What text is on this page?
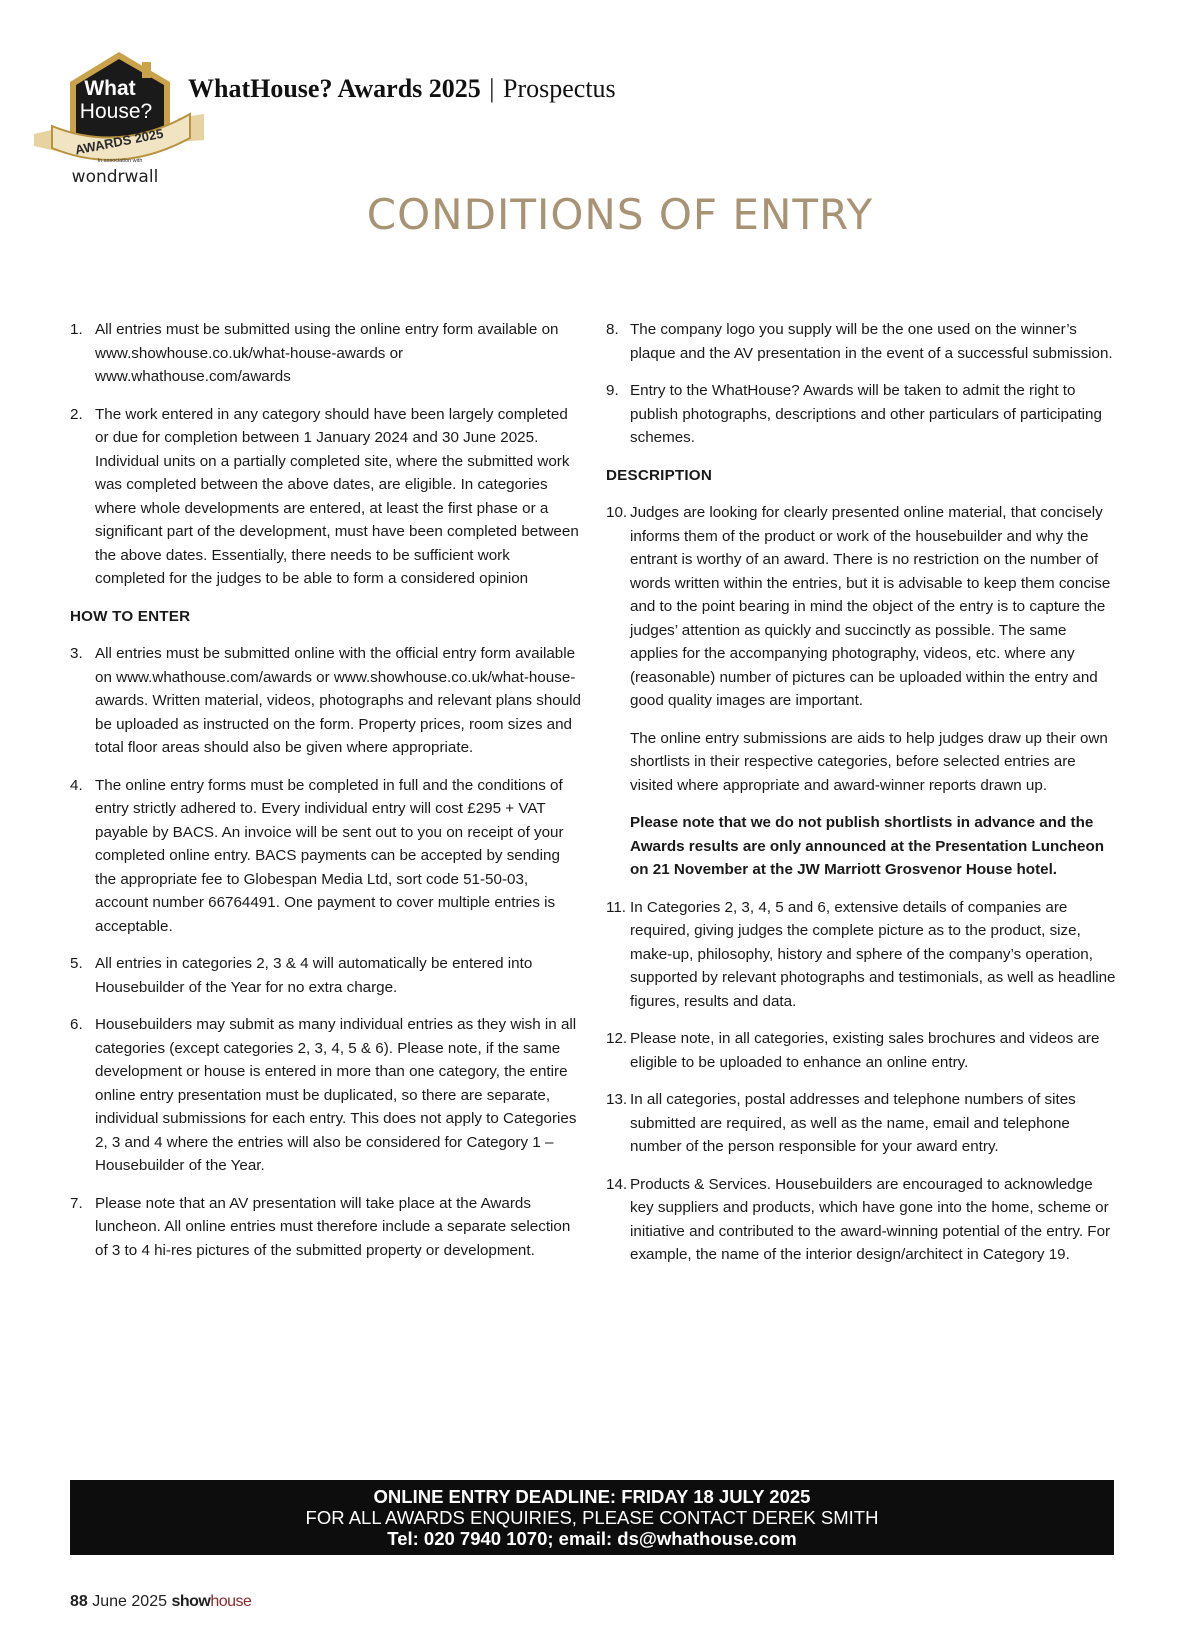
What
House?
AWARDS 2025
In association with
wondrwall
WhatHouse? Awards 2025 | Prospectus
CONDITIONS OF ENTRY
1. All entries must be submitted using the online entry form available on www.showhouse.co.uk/what-house-awards or www.whathouse.com/awards
2. The work entered in any category should have been largely completed or due for completion between 1 January 2024 and 30 June 2025. Individual units on a partially completed site, where the submitted work was completed between the above dates, are eligible. In categories where whole developments are entered, at least the first phase or a significant part of the development, must have been completed between the above dates. Essentially, there needs to be sufficient work completed for the judges to be able to form a considered opinion
HOW TO ENTER
3. All entries must be submitted online with the official entry form available on www.whathouse.com/awards or www.showhouse.co.uk/what-house-awards. Written material, videos, photographs and relevant plans should be uploaded as instructed on the form. Property prices, room sizes and total floor areas should also be given where appropriate.
4. The online entry forms must be completed in full and the conditions of entry strictly adhered to. Every individual entry will cost £295 + VAT payable by BACS. An invoice will be sent out to you on receipt of your completed online entry. BACS payments can be accepted by sending the appropriate fee to Globespan Media Ltd, sort code 51-50-03, account number 66764491. One payment to cover multiple entries is acceptable.
5. All entries in categories 2, 3 & 4 will automatically be entered into Housebuilder of the Year for no extra charge.
6. Housebuilders may submit as many individual entries as they wish in all categories (except categories 2, 3, 4, 5 & 6). Please note, if the same development or house is entered in more than one category, the entire online entry presentation must be duplicated, so there are separate, individual submissions for each entry. This does not apply to Categories 2, 3 and 4 where the entries will also be considered for Category 1 – Housebuilder of the Year.
7. Please note that an AV presentation will take place at the Awards luncheon. All online entries must therefore include a separate selection of 3 to 4 hi-res pictures of the submitted property or development.
8. The company logo you supply will be the one used on the winner’s plaque and the AV presentation in the event of a successful submission.
9. Entry to the WhatHouse? Awards will be taken to admit the right to publish photographs, descriptions and other particulars of participating schemes.
DESCRIPTION
10. Judges are looking for clearly presented online material, that concisely informs them of the product or work of the housebuilder and why the entrant is worthy of an award. There is no restriction on the number of words written within the entries, but it is advisable to keep them concise and to the point bearing in mind the object of the entry is to capture the judges’ attention as quickly and succinctly as possible. The same applies for the accompanying photography, videos, etc. where any (reasonable) number of pictures can be uploaded within the entry and good quality images are important.
The online entry submissions are aids to help judges draw up their own shortlists in their respective categories, before selected entries are visited where appropriate and award-winner reports drawn up.
Please note that we do not publish shortlists in advance and the Awards results are only announced at the Presentation Luncheon on 21 November at the JW Marriott Grosvenor House hotel.
11. In Categories 2, 3, 4, 5 and 6, extensive details of companies are required, giving judges the complete picture as to the product, size, make-up, philosophy, history and sphere of the company’s operation, supported by relevant photographs and testimonials, as well as headline figures, results and data.
12. Please note, in all categories, existing sales brochures and videos are eligible to be uploaded to enhance an online entry.
13. In all categories, postal addresses and telephone numbers of sites submitted are required, as well as the name, email and telephone number of the person responsible for your award entry.
14. Products & Services. Housebuilders are encouraged to acknowledge key suppliers and products, which have gone into the home, scheme or initiative and contributed to the award-winning potential of the entry. For example, the name of the interior design/architect in Category 19.
ONLINE ENTRY DEADLINE: FRIDAY 18 JULY 2025
FOR ALL AWARDS ENQUIRIES, PLEASE CONTACT DEREK SMITH
Tel: 020 7940 1070; email: ds@whathouse.com
88 June 2025 showhouse
